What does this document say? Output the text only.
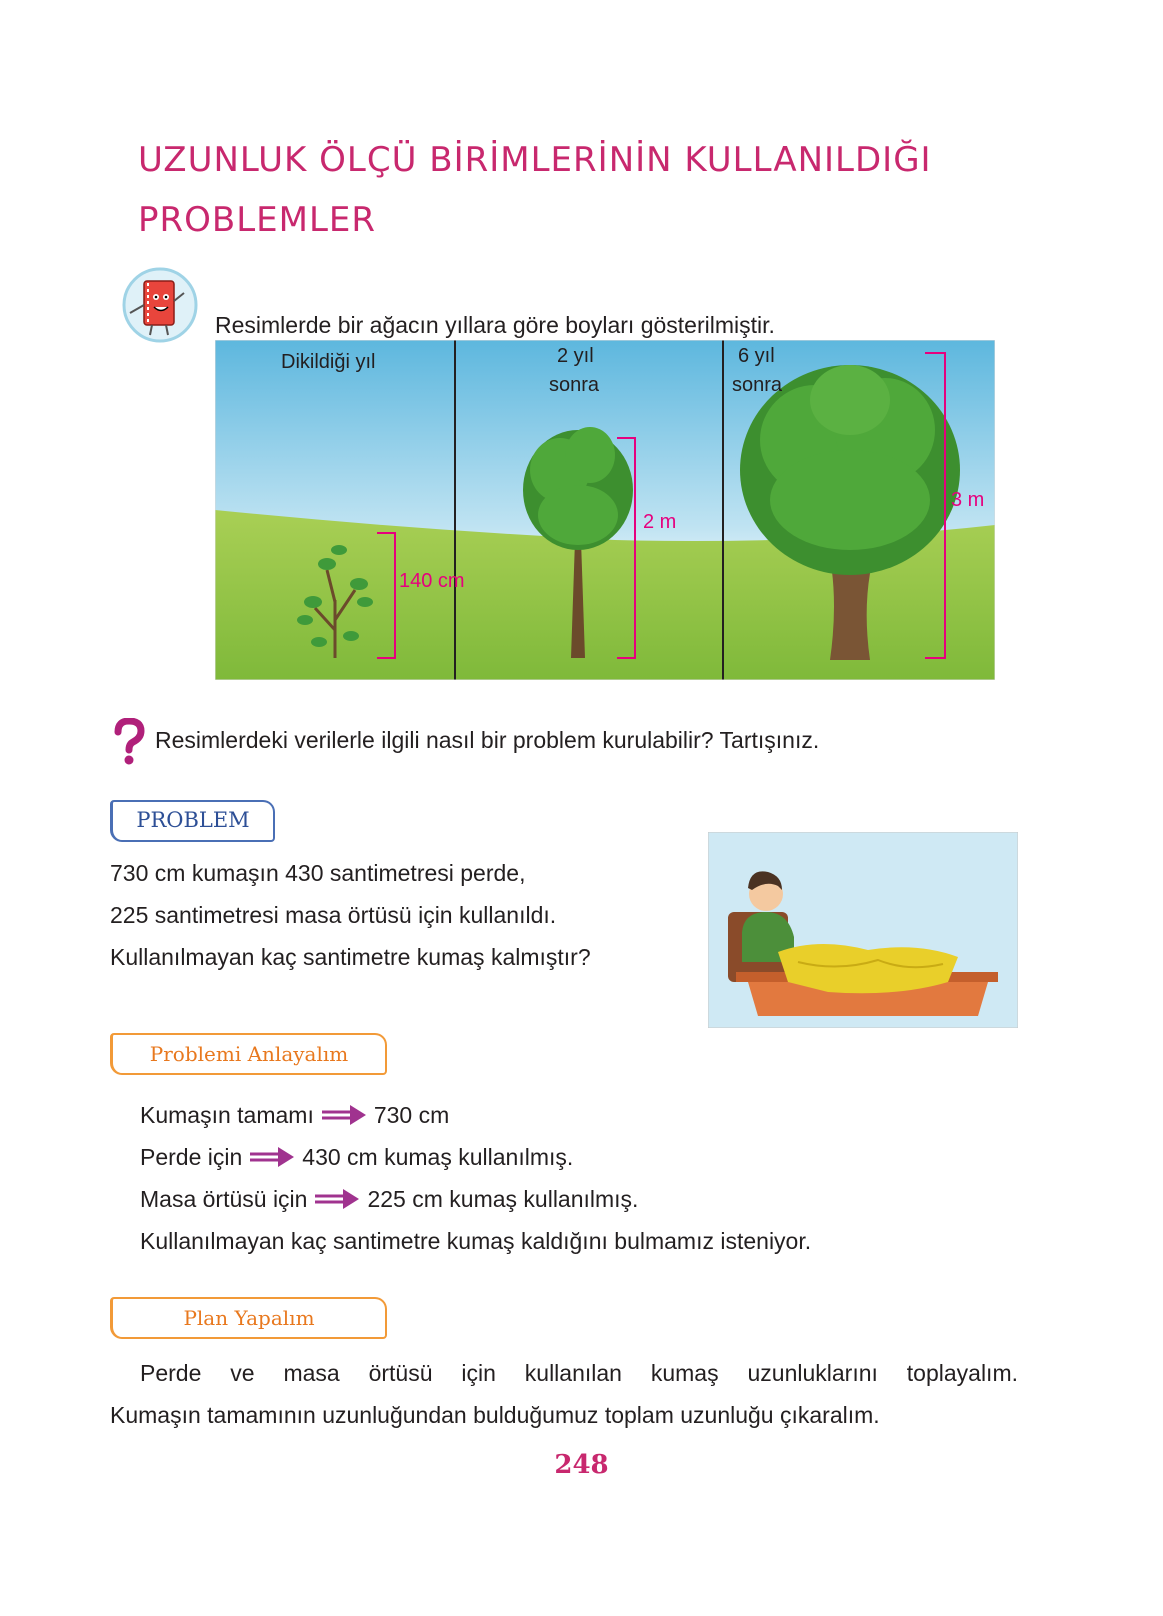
UZUNLUK ÖLÇÜ BİRİMLERİNİN KULLANILDIĞI
PROBLEMLER
Resimlerde bir ağacın yıllara göre boyları gösterilmiştir.
Dikildiği yıl	2 yıl
sonra
6 yıl
sonra
140 cm
2 m
3 m
Resimlerdeki verilerle ilgili nasıl bir problem kurulabilir? Tartışınız.
PROBLEM

730 cm kumaşın 430 santimetresi perde,

225 santimetresi masa örtüsü için kullanıldı.

Kullanılmayan kaç santimetre kumaş kalmıştır?

Problemi Anlayalım
Kumaşın tamamı	730 cm
Perde için	430 cm kumaş kullanılmış.
Masa örtüsü için	225 cm kumaş kullanılmış.
Kullanılmayan kaç santimetre kumaş kaldığını bulmamız isteniyor.
Plan Yapalım
Perde ve masa örtüsü için kullanılan kumaş uzunluklarını toplayalım.
Kumaşın tamamının uzunluğundan bulduğumuz toplam uzunluğu çıkaralım.
248
